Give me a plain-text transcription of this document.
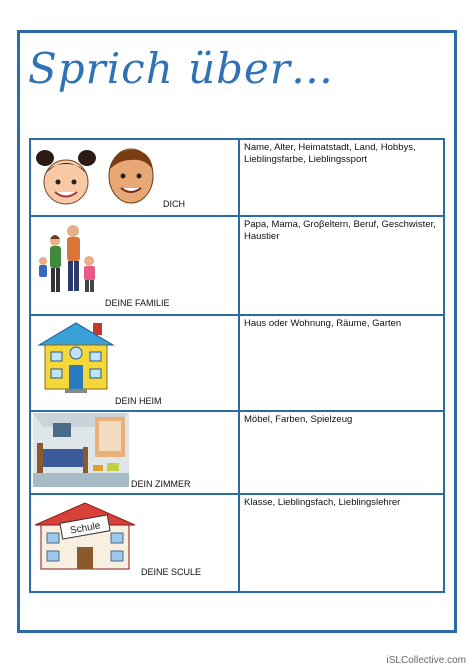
Sprich über…
DICH	Name, Alter, Heimatstadt, Land, Hobbys, Lieblingsfarbe, Lieblingssport

DEINE FAMILIE	Papa, Mama, Groβeltern, Beruf, Geschwister, Haustier

DEIN HEIM	Haus oder Wohnung, Räume, Garten

DEIN ZIMMER	Möbel, Farben, Spielzeug

Schule
DEINE SCULE	Klasse, Lieblingsfach, Lieblingslehrer
iSLCollective.com
